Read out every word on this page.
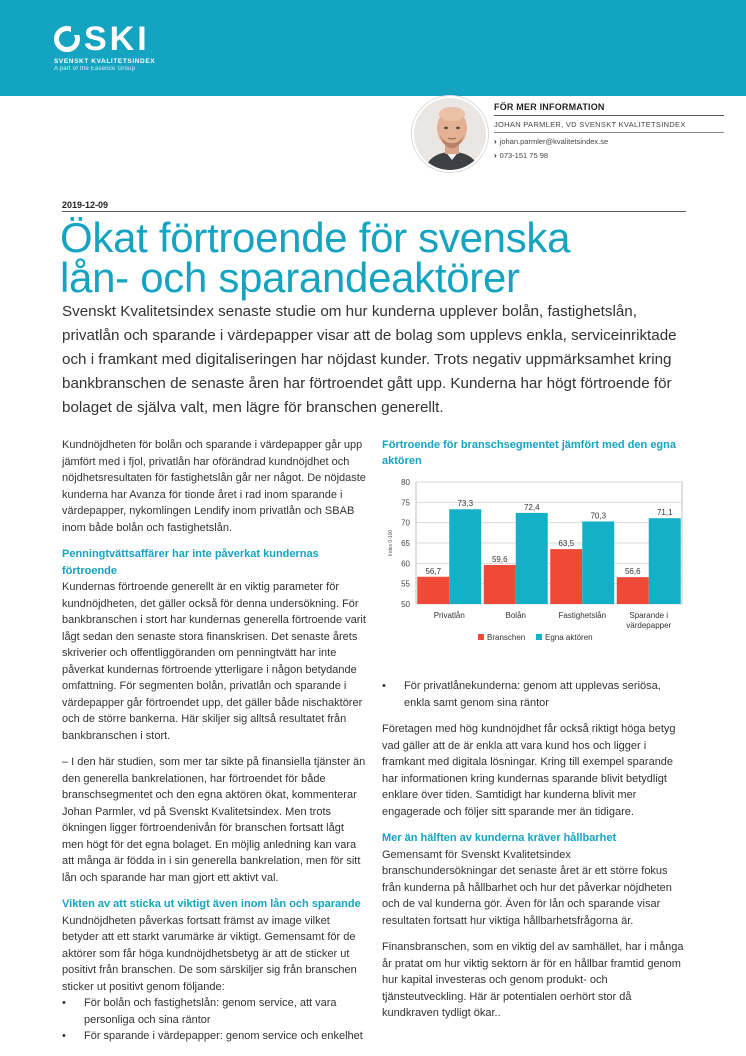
SKI
SVENSKT KVALITETSINDEX
A part of the Easence Group
FÖR MER INFORMATION
JOHAN PARMLER, VD SVENSKT KVALITETSINDEX
› johan.parmler@kvalitetsindex.se
› 073-151 75 98
2019-12-09
Ökat förtroende för svenska
lån- och sparandeaktörer

Svenskt Kvalitetsindex senaste studie om hur kunderna upplever bolån, fastighetslån, privatlån och sparande i värdepapper visar att de bolag som upplevs enkla, serviceinriktade och i framkant med digitaliseringen har nöjdast kunder. Trots negativ uppmärksamhet kring bankbranschen de senaste åren har förtroendet gått upp. Kunderna har högt förtroende för bolaget de själva valt, men lägre för branschen generellt.

Kundnöjdheten för bolån och sparande i värdepapper går upp jämfört med i fjol, privatlån har oförändrad kundnöjdhet och nöjdhetsresultaten för fastighetslån går ner något. De nöjdaste kunderna har Avanza för tionde året i rad inom sparande i värdepapper, nykomlingen Lendify inom privatlån och SBAB inom både bolån och fastighetslån.

Penningtvättsaffärer har inte påverkat kundernas förtroende

Kundernas förtroende generellt är en viktig parameter för kundnöjdheten, det gäller också för denna undersökning. För bankbranschen i stort har kundernas generella förtroende varit lågt sedan den senaste stora finanskrisen. Det senaste årets skriverier och offentliggöranden om penningtvätt har inte påverkat kundernas förtroende ytterligare i någon betydande omfattning. För segmenten bolån, privatlån och sparande i värdepapper går förtroendet upp, det gäller både nischaktörer och de större bankerna. Här skiljer sig alltså resultatet från bankbranschen i stort.

– I den här studien, som mer tar sikte på finansiella tjänster än den generella bankrelationen, har förtroendet för både branschsegmentet och den egna aktören ökat, kommenterar Johan Parmler, vd på Svenskt Kvalitetsindex. Men trots ökningen ligger förtroendenivån för branschen fortsatt lågt men högt för det egna bolaget. En möjlig anledning kan vara att många är födda in i sin generella bankrelation, men för sitt lån och sparande har man gjort ett aktivt val.

Vikten av att sticka ut viktigt även inom lån och sparande

Kundnöjdheten påverkas fortsatt främst av image vilket betyder att ett starkt varumärke är viktigt. Gemensamt för de aktörer som får höga kundnöjdhetsbetyg är att de sticker ut positivt från branschen. De som särskiljer sig från branschen sticker ut positivt genom följande:

•	För bolån och fastighetslån: genom service, att vara personliga och sina räntor
•	För sparande i värdepapper: genom service och enkelhet
Förtroende för branschsegmentet jämfört med den egna aktören
50
55
60
65
70
75
80
Index 0-100
56,7
73,3
Privatlån
59,6
72,4
Bolån
63,5
70,3
Fastighetslån
56,6
71,1
Sparande i
värdepapper
Branschen Egna aktören
•	För privatlånekunderna: genom att upplevas seriösa, enkla samt genom sina räntor

Företagen med hög kundnöjdhet får också riktigt höga betyg vad gäller att de är enkla att vara kund hos och ligger i framkant med digitala lösningar. Kring till exempel sparande har informationen kring kundernas sparande blivit betydligt enklare över tiden. Samtidigt har kunderna blivit mer engagerade och följer sitt sparande mer än tidigare.

Mer än hälften av kunderna kräver hållbarhet

Gemensamt för Svenskt Kvalitetsindex branschundersökningar det senaste året är ett större fokus från kunderna på hållbarhet och hur det påverkar nöjdheten och de val kunderna gör. Även för lån och sparande visar resultaten fortsatt hur viktiga hållbarhetsfrågorna är.

Finansbranschen, som en viktig del av samhället, har i många år pratat om hur viktig sektorn är för en hållbar framtid genom hur kapital investeras och genom produkt- och tjänsteutveckling. Här är potentialen oerhört stor då kundkraven tydligt ökar..
